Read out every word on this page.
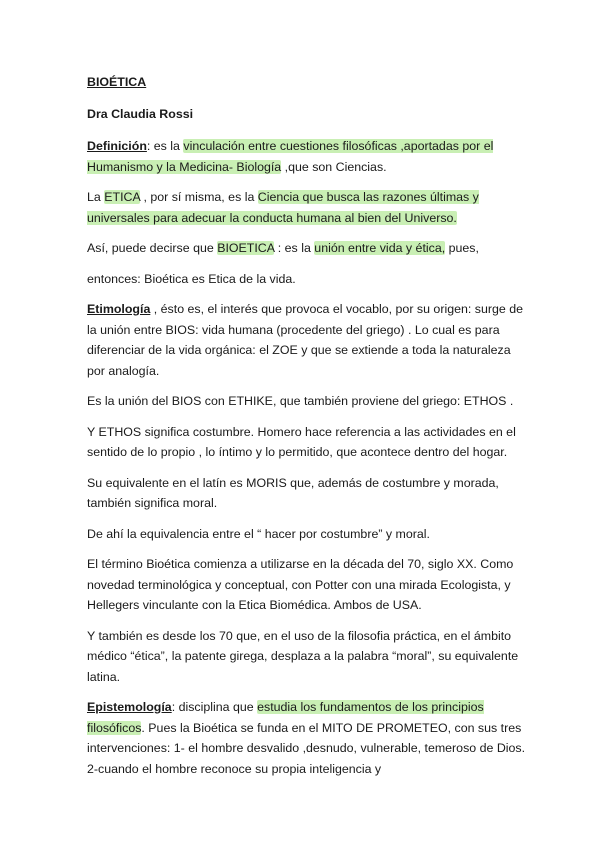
BIOÉTICA

Dra Claudia Rossi

Definición: es la vinculación entre cuestiones filosóficas ,aportadas por el Humanismo y la Medicina- Biología ,que son Ciencias.

La ETICA , por sí misma, es la Ciencia que busca las razones últimas y universales para adecuar la conducta humana al bien del Universo.

Así, puede decirse que BIOETICA : es la unión entre vida y ética, pues,

entonces: Bioética es Etica de la vida.

Etimología , ésto es, el interés que provoca el vocablo, por su origen: surge de la unión entre BIOS: vida humana (procedente del griego) . Lo cual es para diferenciar de la vida orgánica: el ZOE y que se extiende a toda la naturaleza por analogía.

Es la unión del BIOS con ETHIKE, que también proviene del griego: ETHOS .

Y ETHOS significa costumbre. Homero hace referencia a las actividades en el sentido de lo propio , lo íntimo y lo permitido, que acontece dentro del hogar.

Su equivalente en el latín es MORIS que, además de costumbre y morada, también significa moral.

De ahí la equivalencia entre el “ hacer por costumbre” y moral.

El término Bioética comienza a utilizarse en la década del 70, siglo XX. Como novedad terminológica y conceptual, con Potter con una mirada Ecologista, y Hellegers vinculante con la Etica Biomédica. Ambos de USA.

Y también es desde los 70 que, en el uso de la filosofia práctica, en el ámbito médico “ética”, la patente girega, desplaza a la palabra “moral”, su equivalente latina.

Epistemología: disciplina que estudia los fundamentos de los principios filosóficos. Pues la Bioética se funda en el MITO DE PROMETEO, con sus tres intervenciones: 1- el hombre desvalido ,desnudo, vulnerable, temeroso de Dios. 2-cuando el hombre reconoce su propia inteligencia y
